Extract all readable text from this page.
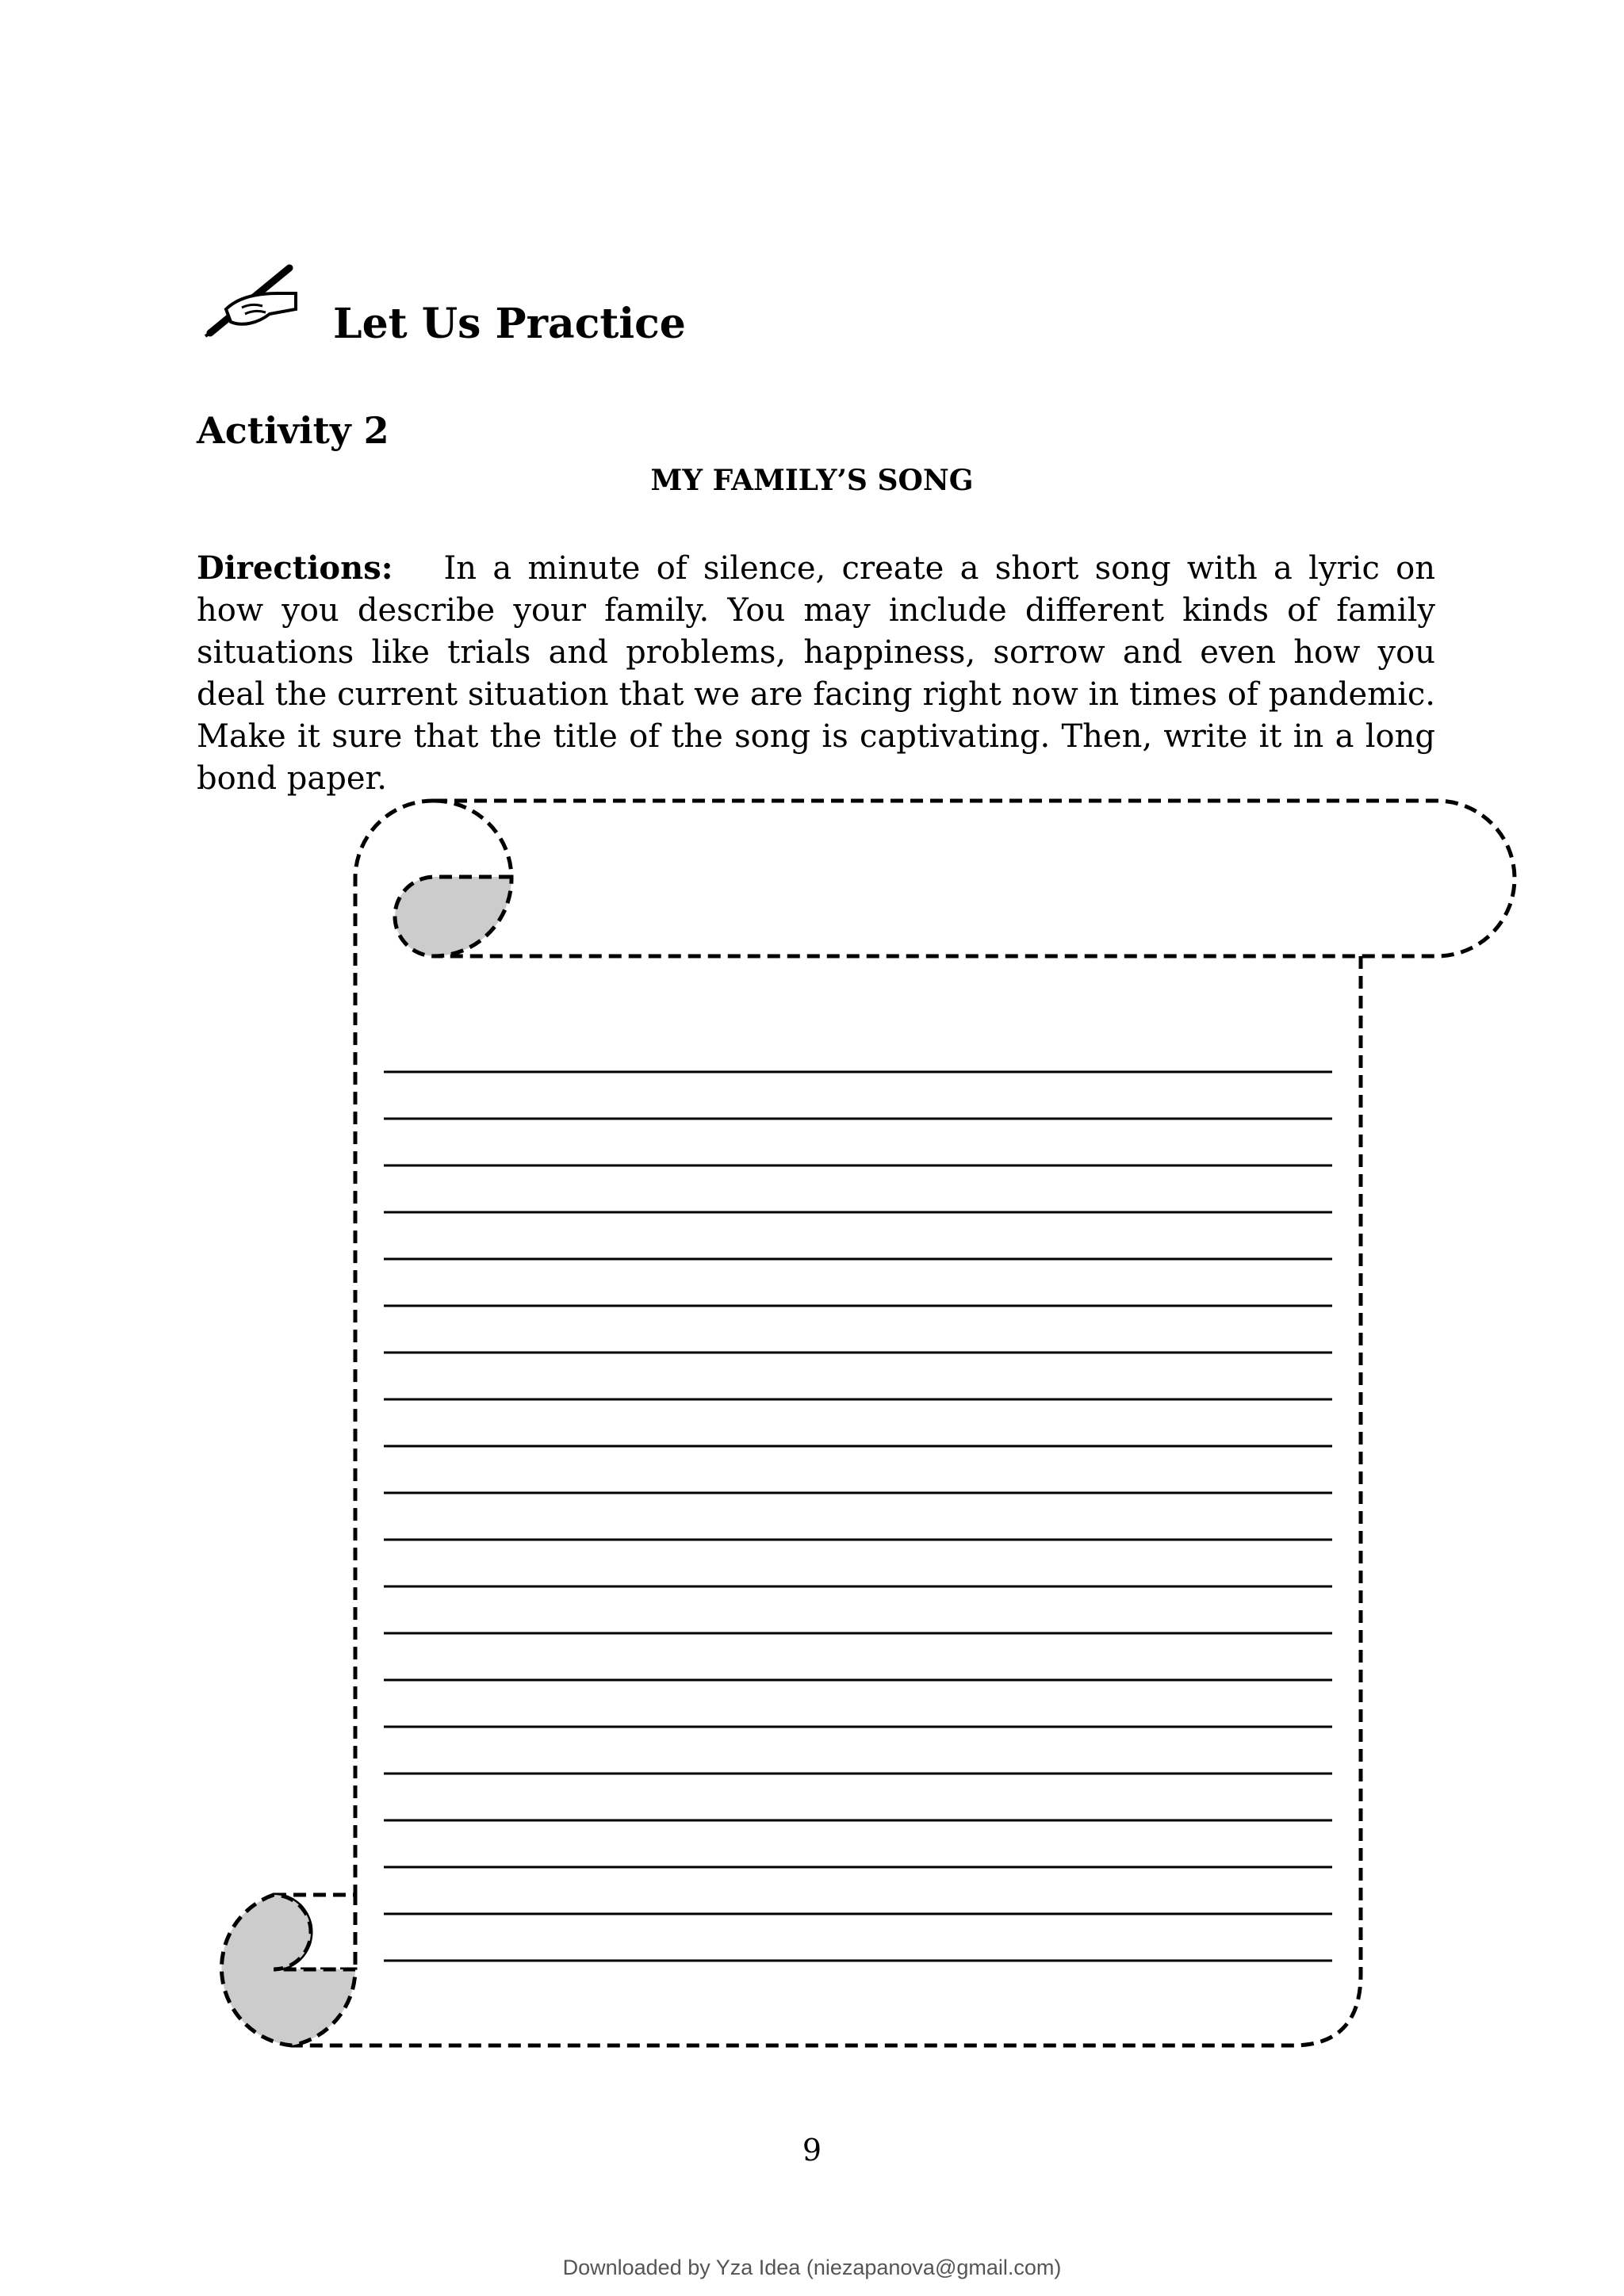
Let Us Practice
Activity 2
MY FAMILY’S SONG

Directions: In a minute of silence, create a short song with a lyric on how you describe your family. You may include different kinds of family situations like trials and problems, happiness, sorrow and even how you deal the current situation that we are facing right now in times of pandemic. Make it sure that the title of the song is captivating. Then, write it in a long bond paper.

9

Downloaded by Yza Idea (niezapanova@gmail.com)
